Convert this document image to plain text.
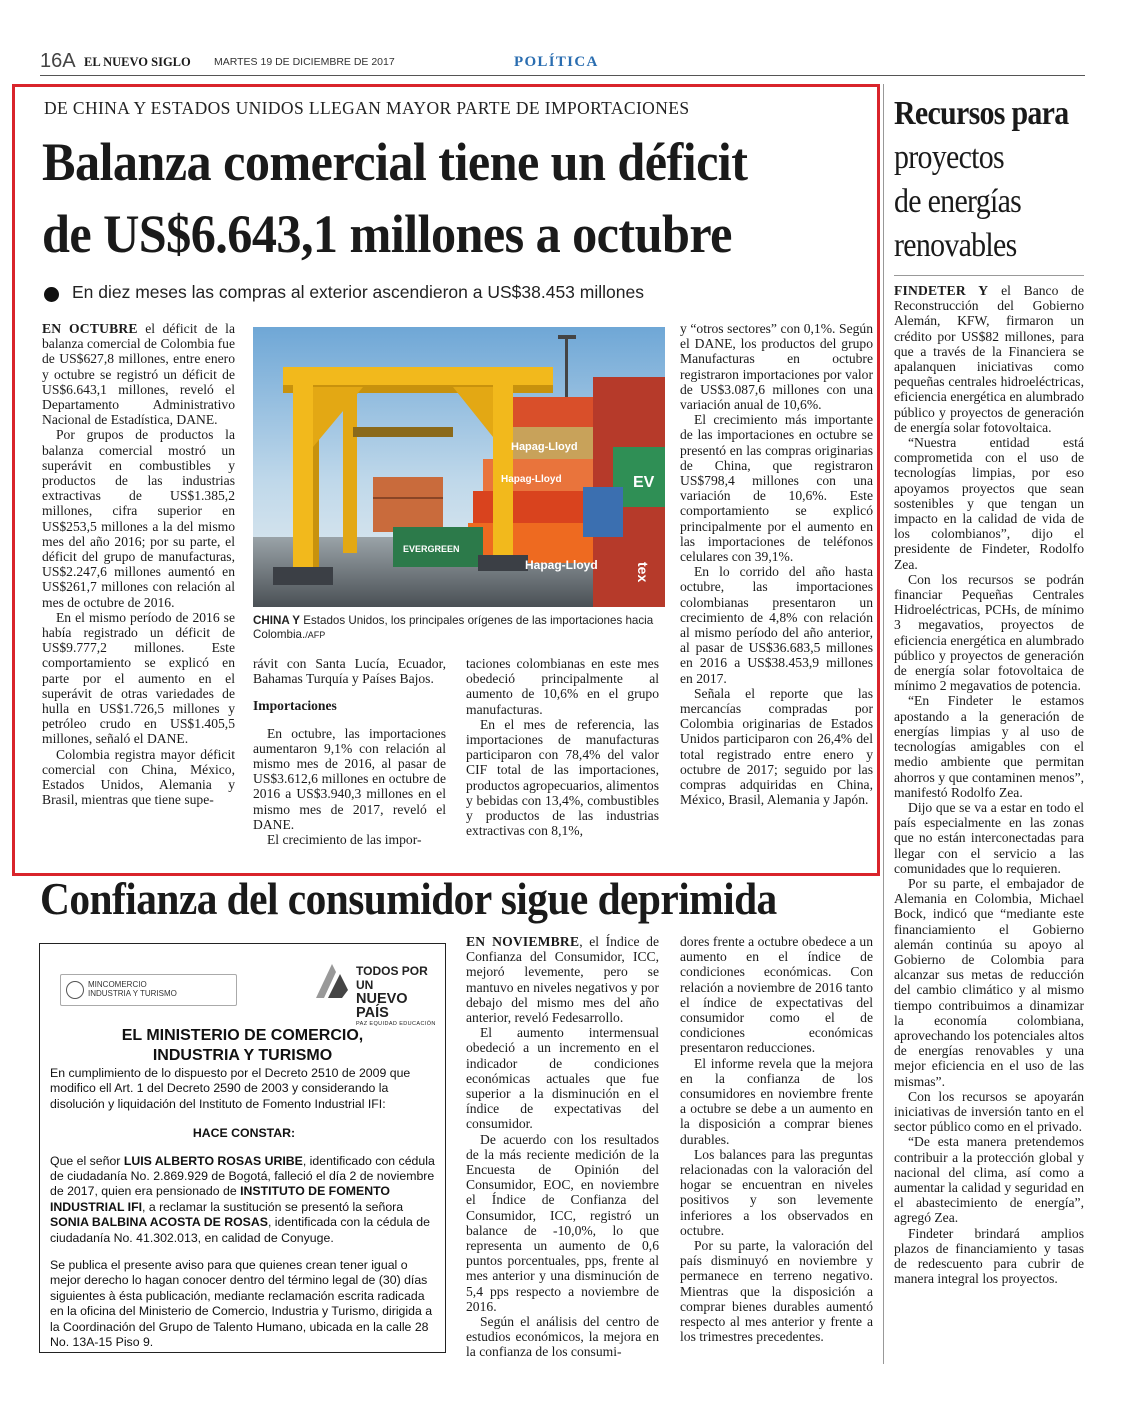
16A EL NUEVO SIGLO MARTES 19 DE DICIEMBRE DE 2017	POLÍTICA
DE CHINA Y ESTADOS UNIDOS LLEGAN MAYOR PARTE DE IMPORTACIONES
Balanza comercial tiene un déficit
de US$6.643,1 millones a octubre
En diez meses las compras al exterior ascendieron a US$38.453 millones

EN OCTUBRE el déficit de la balanza comercial de Colombia fue de US$627,8 millones, entre enero y octubre se registró un déficit de US$6.643,1 millones, reveló el Departamento Administrativo Nacional de Estadística, DANE.

Por grupos de productos la balanza comercial mostró un superávit en combustibles y productos de las industrias extractivas de US$1.385,2 millones, cifra superior en US$253,5 millones a la del mismo mes del año 2016; por su parte, el déficit del grupo de manufacturas, US$2.247,6 millones aumentó en US$261,7 millones con relación al mes de octubre de 2016.

En el mismo período de 2016 se había registrado un déficit de US$9.777,2 millones. Este comportamiento se explicó en parte por el aumento en el superávit de otras variedades de hulla en US$1.726,5 millones y petróleo crudo en US$1.405,5 millones, señaló el DANE.

Colombia registra mayor déficit comercial con China, México, Estados Unidos, Alemania y Brasil, mientras que tiene supe-

Hapag-Lloyd
EVERGREEN
Hapag-Lloyd
Hapag-Lloyd	tex
EV
CHINA Y Estados Unidos, los principales orígenes de las importaciones hacia Colombia./AFP

rávit con Santa Lucía, Ecuador, Bahamas Turquía y Países Bajos.

Importaciones

En octubre, las importaciones aumentaron 9,1% con relación al mismo mes de 2016, al pasar de US$3.612,6 millones en octubre de 2016 a US$3.940,3 millones en el mismo mes de 2017, reveló el DANE.

El crecimiento de las impor-

taciones colombianas en este mes obedeció principalmente al aumento de 10,6% en el grupo manufacturas.

En el mes de referencia, las importaciones de manufacturas participaron con 78,4% del valor CIF total de las importaciones, productos agropecuarios, alimentos y bebidas con 13,4%, combustibles y productos de las industrias extractivas con 8,1%,

y “otros sectores” con 0,1%. Según el DANE, los productos del grupo Manufacturas en octubre registraron importaciones por valor de US$3.087,6 millones con una variación anual de 10,6%.

El crecimiento más importante de las importaciones en octubre se presentó en las compras originarias de China, que registraron US$798,4 millones con una variación de 10,6%. Este comportamiento se explicó principalmente por el aumento en las importaciones de teléfonos celulares con 39,1%.

En lo corrido del año hasta octubre, las importaciones colombianas presentaron un crecimiento de 4,8% con relación al mismo período del año anterior, al pasar de US$36.683,5 millones en 2016 a US$38.453,9 millones en 2017.

Señala el reporte que las mercancías compradas por Colombia originarias de Estados Unidos participaron con 26,4% del total registrado entre enero y octubre de 2017; seguido por las compras adquiridas en China, México, Brasil, Alemania y Japón.

Recursos para
proyectos
de energías
renovables

FINDETER Y el Banco de Reconstrucción del Gobierno Alemán, KFW, firmaron un crédito por US$82 millones, para que a través de la Financiera se apalanquen iniciativas como pequeñas centrales hidroeléctricas, eficiencia energética en alumbrado público y proyectos de generación de energía solar fotovoltaica.

“Nuestra entidad está comprometida con el uso de tecnologías limpias, por eso apoyamos proyectos que sean sostenibles y que tengan un impacto en la calidad de vida de los colombianos”, dijo el presidente de Findeter, Rodolfo Zea.

Con los recursos se podrán financiar Pequeñas Centrales Hidroeléctricas, PCHs, de mínimo 3 megavatios, proyectos de eficiencia energética en alumbrado público y proyectos de generación de energía solar fotovoltaica de mínimo 2 megavatios de potencia.

“En Findeter le estamos apostando a la generación de energías limpias y al uso de tecnologías amigables con el medio ambiente que permitan ahorros y que contaminen menos”, manifestó Rodolfo Zea.

Dijo que se va a estar en todo el país especialmente en las zonas que no están interconectadas para llegar con el servicio a las comunidades que lo requieren.

Por su parte, el embajador de Alemania en Colombia, Michael Bock, indicó que “mediante este financiamiento el Gobierno alemán continúa su apoyo al Gobierno de Colombia para alcanzar sus metas de reducción del cambio climático y al mismo tiempo contribuimos a dinamizar la economía colombiana, aprovechando los potenciales altos de energías renovables y una mejor eficiencia en el uso de las mismas”.

Con los recursos se apoyarán iniciativas de inversión tanto en el sector público como en el privado.

“De esta manera pretendemos contribuir a la protección global y nacional del clima, así como a aumentar la calidad y seguridad en el abastecimiento de energía”, agregó Zea.

Findeter brindará amplios plazos de financiamiento y tasas de redescuento para cubrir de manera integral los proyectos.

Confianza del consumidor sigue deprimida

EN NOVIEMBRE, el Índice de Confianza del Consumidor, ICC, mejoró levemente, pero se mantuvo en niveles negativos y por debajo del mismo mes del año anterior, reveló Fedesarrollo.

El aumento intermensual obedeció a un incremento en el indicador de condiciones económicas actuales que fue superior a la disminución en el índice de expectativas del consumidor.

De acuerdo con los resultados de la más reciente medición de la Encuesta de Opinión del Consumidor, EOC, en noviembre el Índice de Confianza del Consumidor, ICC, registró un balance de -10,0%, lo que representa un aumento de 0,6 puntos porcentuales, pps, frente al mes anterior y una disminución de 5,4 pps respecto a noviembre de 2016.

Según el análisis del centro de estudios económicos, la mejora en la confianza de los consumi-

dores frente a octubre obedece a un aumento en el índice de condiciones económicas. Con relación a noviembre de 2016 tanto el índice de expectativas del consumidor como el de condiciones económicas presentaron reducciones.

El informe revela que la mejora en la confianza de los consumidores en noviembre frente a octubre se debe a un aumento en la disposición a comprar bienes durables.

Los balances para las preguntas relacionadas con la valoración del hogar se encuentran en niveles positivos y son levemente inferiores a los observados en octubre.

Por su parte, la valoración del país disminuyó en noviembre y permanece en terreno negativo. Mientras que la disposición a comprar bienes durables aumentó respecto al mes anterior y frente a los trimestres precedentes.

MINCOMERCIO
INDUSTRIA Y TURISMO
TODOS POR UN
NUEVO PAÍS
PAZ EQUIDAD EDUCACIÓN
EL MINISTERIO DE COMERCIO,
INDUSTRIA Y TURISMO

En cumplimiento de lo dispuesto por el Decreto 2510 de 2009 que modifico ell Art. 1 del Decreto 2590 de 2003 y considerando la disolución y liquidación del Instituto de Fomento Industrial IFI:

HACE CONSTAR:

Que el señor LUIS ALBERTO ROSAS URIBE, identificado con cédula de ciudadanía No. 2.869.929 de Bogotá, falleció el día 2 de noviembre de 2017, quien era pensionado de INSTITUTO DE FOMENTO INDUSTRIAL IFI, a reclamar la sustitución se presentó la señora SONIA BALBINA ACOSTA DE ROSAS, identificada con la cédula de ciudadanía No. 41.302.013, en calidad de Conyuge.

Se publica el presente aviso para que quienes crean tener igual o mejor derecho lo hagan conocer dentro del término legal de (30) días siguientes à ésta publicación, mediante reclamación escrita radicada en la oficina del Ministerio de Comercio, Industria y Turismo, dirigida a la Coordinación del Grupo de Talento Humano, ubicada en la calle 28 No. 13A-15 Piso 9.
